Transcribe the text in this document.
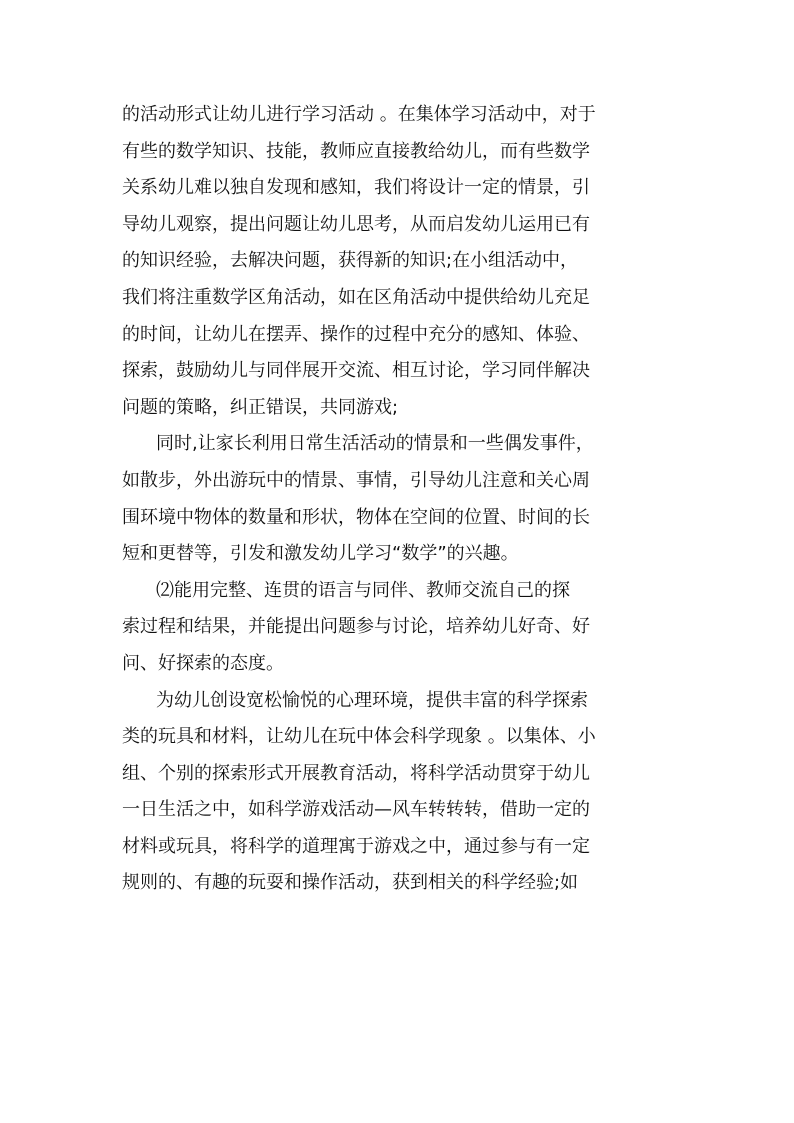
的活动形式让幼儿进行学习活动 。在集体学习活动中，对于
有些的数学知识、技能，教师应直接教给幼儿，而有些数学
关系幼儿难以独自发现和感知，我们将设计一定的情景，引
导幼儿观察，提出问题让幼儿思考，从而启发幼儿运用已有
的知识经验，去解决问题，获得新的知识;在小组活动中，
我们将注重数学区角活动，如在区角活动中提供给幼儿充足
的时间，让幼儿在摆弄、操作的过程中充分的感知、体验、
探索，鼓励幼儿与同伴展开交流、相互讨论，学习同伴解决
问题的策略，纠正错误，共同游戏;
同时,让家长利用日常生活活动的情景和一些偶发事件，
如散步，外出游玩中的情景、事情，引导幼儿注意和关心周
围环境中物体的数量和形状，物体在空间的位置、时间的长
短和更替等，引发和激发幼儿学习“数学”的兴趣。
⑵能用完整、连贯的语言与同伴、教师交流自己的探
索过程和结果，并能提出问题参与讨论，培养幼儿好奇、好
问、好探索的态度。
为幼儿创设宽松愉悦的心理环境，提供丰富的科学探索
类的玩具和材料，让幼儿在玩中体会科学现象 。以集体、小
组、个别的探索形式开展教育活动，将科学活动贯穿于幼儿
一日生活之中，如科学游戏活动—风车转转转，借助一定的
材料或玩具，将科学的道理寓于游戏之中，通过参与有一定
规则的、有趣的玩耍和操作活动，获到相关的科学经验;如
